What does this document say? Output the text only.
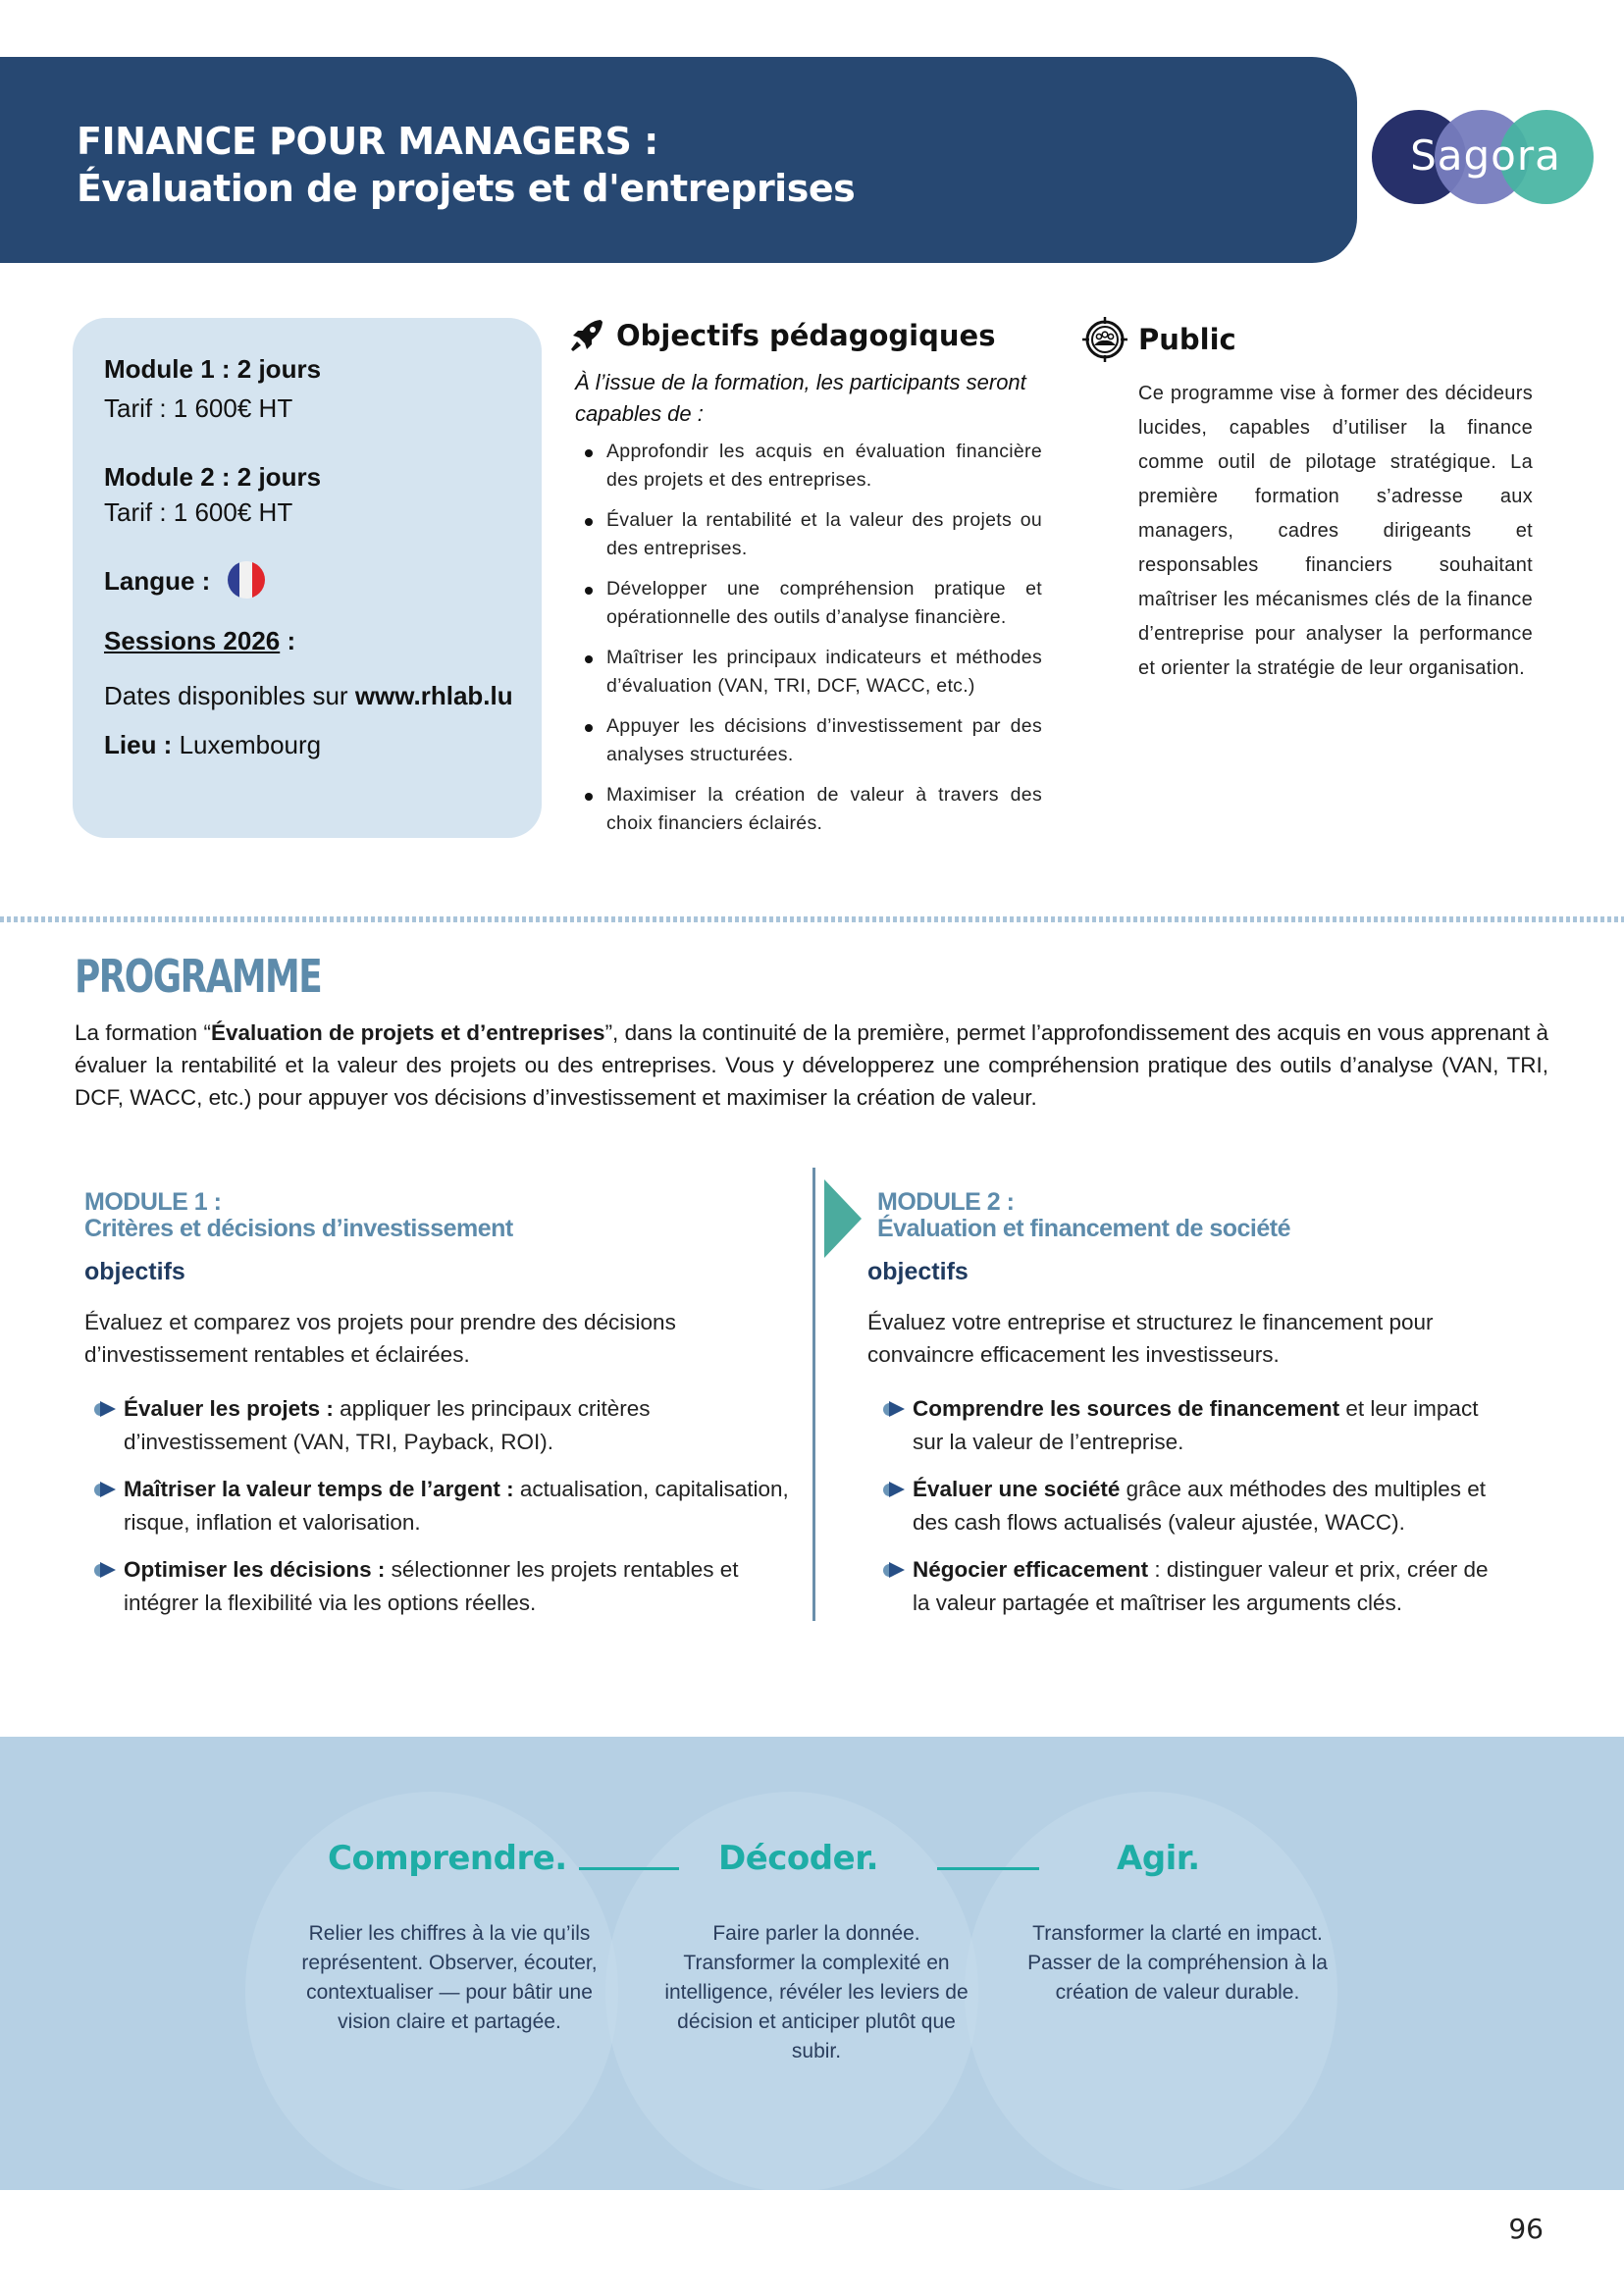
FINANCE POUR MANAGERS :
Évaluation de projets et d'entreprises
Sagora
Module 1 : 2 jours
Tarif : 1 600€ HT
Module 2 : 2 jours
Tarif : 1 600€ HT
Langue :
Sessions 2026 :
Dates disponibles sur www.rhlab.lu
Lieu : Luxembourg
Objectifs pédagogiques
À l’issue de la formation, les participants seront capables de :
Approfondir les acquis en évaluation financière des projets et des entreprises.
Évaluer la rentabilité et la valeur des projets ou des entreprises.
Développer une compréhension pratique et opérationnelle des outils d’analyse financière.
Maîtriser les principaux indicateurs et méthodes d’évaluation (VAN, TRI, DCF, WACC, etc.)
Appuyer les décisions d’investissement par des analyses structurées.
Maximiser la création de valeur à travers des choix financiers éclairés.
Public
Ce programme vise à former des décideurs lucides, capables d’utiliser la finance comme outil de pilotage stratégique. La première formation s’adresse aux managers, cadres dirigeants et responsables financiers souhaitant maîtriser les mécanismes clés de la finance d’entreprise pour analyser la performance et orienter la stratégie de leur organisation.
PROGRAMME
La formation “Évaluation de projets et d’entreprises”, dans la continuité de la première, permet l’approfondissement des acquis en vous apprenant à évaluer la rentabilité et la valeur des projets ou des entreprises. Vous y développerez une compréhension pratique des outils d’analyse (VAN, TRI, DCF, WACC, etc.) pour appuyer vos décisions d’investissement et maximiser la création de valeur.
MODULE 1 :
Critères et décisions d’investissement
objectifs
Évaluez et comparez vos projets pour prendre des décisions d’investissement rentables et éclairées.
Évaluer les projets : appliquer les principaux critères d’investissement (VAN, TRI, Payback, ROI).
Maîtriser la valeur temps de l’argent : actualisation, capitalisation, risque, inflation et valorisation.
Optimiser les décisions : sélectionner les projets rentables et intégrer la flexibilité via les options réelles.
MODULE 2 :
Évaluation et financement de société
objectifs
Évaluez votre entreprise et structurez le financement pour convaincre efficacement les investisseurs.
Comprendre les sources de financement et leur impact sur la valeur de l’entreprise.
Évaluer une société grâce aux méthodes des multiples et des cash flows actualisés (valeur ajustée, WACC).
Négocier efficacement : distinguer valeur et prix, créer de la valeur partagée et maîtriser les arguments clés.
Comprendre.	Décoder.	Agir.
Relier les chiffres à la vie qu’ils représentent. Observer, écouter, contextualiser — pour bâtir une vision claire et partagée.
Faire parler la donnée. Transformer la complexité en intelligence, révéler les leviers de décision et anticiper plutôt que subir.
Transformer la clarté en impact. Passer de la compréhension à la création de valeur durable.
96
